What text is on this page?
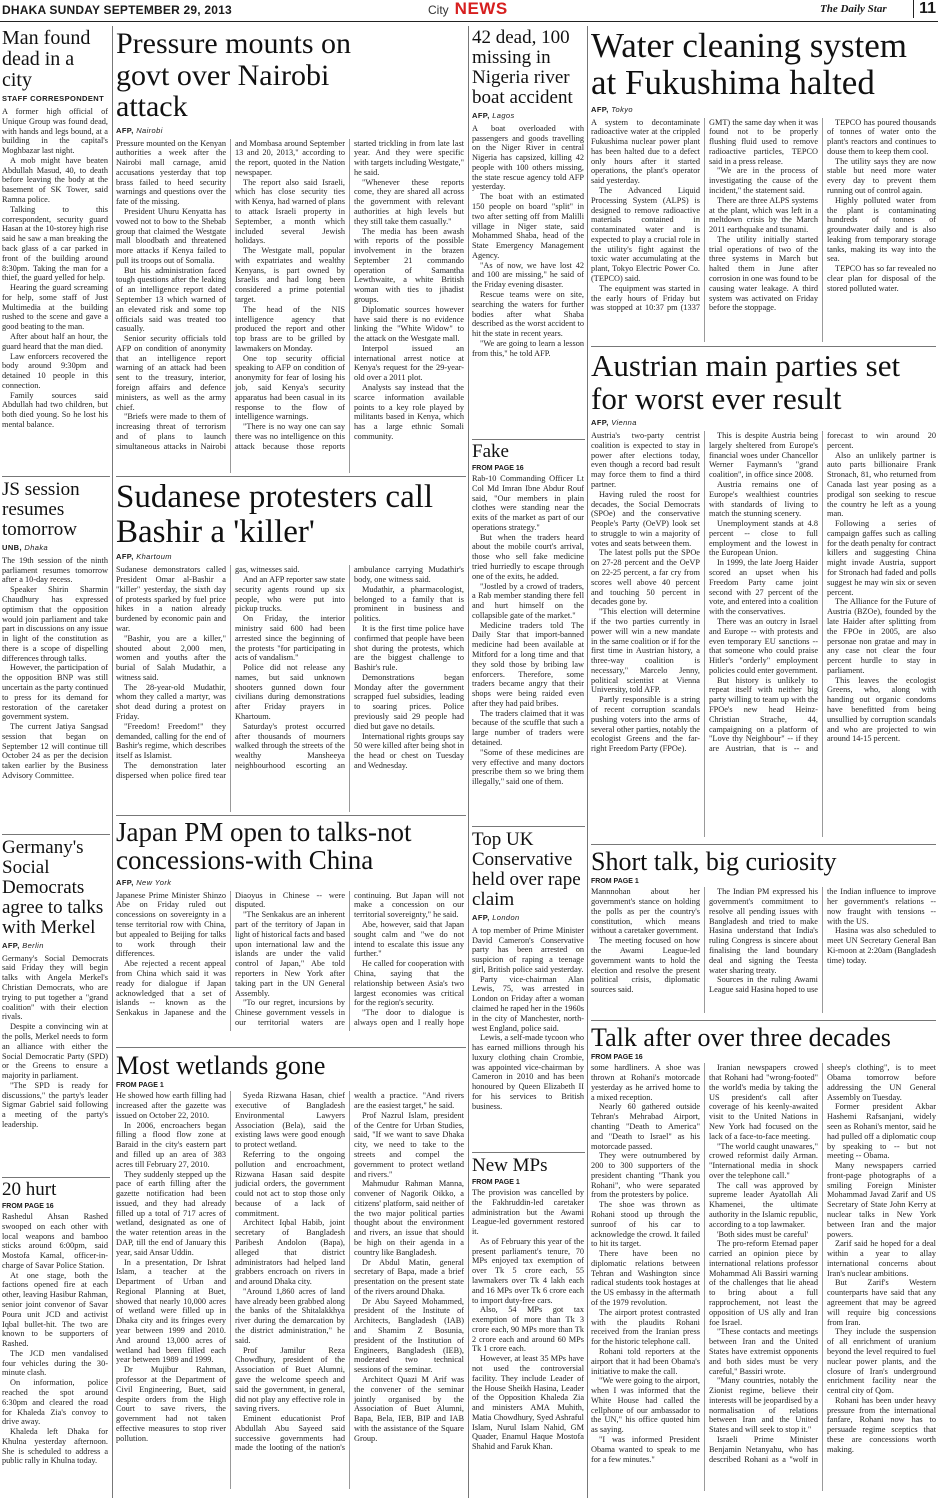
DHAKA SUNDAY SEPTEMBER 29, 2013	City NEWS	The Daily Star	11
Man found dead in a city
STAFF CORRESPONDENT

A former high official of Unique Group was found dead, with hands and legs bound, at a building in the capital's Moghbazar last night.

A mob might have beaten Abdullah Masud, 40, to death before leaving the body at the basement of SK Tower, said Ramna police.

Talking to this correspondent, security guard Hasan at the 10-storey high rise said he saw a man breaking the back glass of a car parked in front of the building around 8:30pm. Taking the man for a thief, the guard yelled for help.

Hearing the guard screaming for help, some staff of Just Multimedia at the building rushed to the scene and gave a good beating to the man.

After about half an hour, the guard heard that the man died.

Law enforcers recovered the body around 9:30pm and detained 10 people in this connection.

Family sources said Abdullah had two children, but both died young. So he lost his mental balance.

JS session resumes tomorrow
UNB, Dhaka

The 19th session of the ninth parliament resumes tomorrow after a 10-day recess.

Speaker Shirin Sharmin Chaudhury has expressed optimism that the opposition would join parliament and take part in discussions on any issue in light of the constitution as there is a scope of dispelling differences through talks.

However, the participation of the opposition BNP was still uncertain as the party continued to press for its demand for restoration of the caretaker government system.

The current Jatiya Sangsad session that began on September 12 will continue till October 24 as per the decision taken earlier by the Business Advisory Committee.

Germany's Social Democrats agree to talks with Merkel
AFP, Berlin

Germany's Social Democrats said Friday they will begin talks with Angela Merkel's Christian Democrats, who are trying to put together a "grand coalition" with their election rivals.

Despite a convincing win at the polls, Merkel needs to form an alliance with either the Social Democratic Party (SPD) or the Greens to ensure a majority in parliament.

"The SPD is ready for discussions," the party's leader Sigmar Gabriel said following a meeting of the party's leadership.

20 hurt
FROM PAGE 16

Rashedul Ahsan Rashed swooped on each other with local weapons and bamboo sticks around 6:00pm, said Mostofa Kamal, officer-in-charge of Savar Police Station.

At one stage, both the factions opened fire at each other, leaving Hasibur Rahman, senior joint convenor of Savar Poura unit JCD and activist Iqbal bullet-hit. The two are known to be supporters of Rashed.

The JCD men vandalised four vehicles during the 30-minute clash.

On information, police reached the spot around 6:30pm and cleared the road for Khaleda Zia's convoy to drive away.

Khaleda left Dhaka for Khulna yesterday afternoon. She is scheduled to address a public rally in Khulna today.

Pressure mounts on govt over Nairobi attack
AFP, Nairobi

Pressure mounted on the Kenyan authorities a week after the Nairobi mall carnage, amid accusations yesterday that top brass failed to heed security warnings and questions over the fate of the missing.

President Uhuru Kenyatta has vowed not to bow to the Shebab group that claimed the Westgate mall bloodbath and threatened more attacks if Kenya failed to pull its troops out of Somalia.

But his administration faced tough questions after the leaking of an intelligence report dated September 13 which warned of an elevated risk and some top officials said was treated too casually.

Senior security officials told AFP on condition of anonymity that an intelligence report warning of an attack had been sent to the treasury, interior, foreign affairs and defence ministers, as well as the army chief.

"Briefs were made to them of increasing threat of terrorism and of plans to launch simultaneous attacks in Nairobi and Mombasa around September 13 and 20, 2013," according to the report, quoted in the Nation newspaper.

The report also said Israeli, which has close security ties with Kenya, had warned of plans to attack Israeli property in September, a month which included several Jewish holidays.

The Westgate mall, popular with expatriates and wealthy Kenyans, is part owned by Israelis and had long been considered a prime potential target.

The head of the NIS intelligence agency that produced the report and other top brass are to be grilled by lawmakers on Monday.

One top security official speaking to AFP on condition of anonymity for fear of losing his job, said Kenya's security apparatus had been casual in its response to the flow of intelligence warnings.

"There is no way one can say there was no intelligence on this attack because those reports started trickling in from late last year. And they were specific with targets including Westgate," he said.

"Whenever these reports come, they are shared all across the government with relevant authorities at high levels but they still take them casually."

The media has been awash with reports of the possible involvement in the brazen September 21 commando operation of Samantha Lewthwaite, a white British woman with ties to jihadist groups.

Diplomatic sources however have said there is no evidence linking the "White Widow" to the attack on the Westgate mall.

Interpol issued an international arrest notice at Kenya's request for the 29-year-old over a 2011 plot.

Analysts say instead that the scarce information available points to a key role played by militants based in Kenya, which has a large ethnic Somali community.

Sudanese protesters call Bashir a 'killer'
AFP, Khartoum

Sudanese demonstrators called President Omar al-Bashir a "killer" yesterday, the sixth day of protests sparked by fuel price hikes in a nation already burdened by economic pain and war.

"Bashir, you are a killer," shouted about 2,000 men, women and youths after the burial of Salah Mudathir, a witness said.

The 28-year-old Mudathir, whom they called a martyr, was shot dead during a protest on Friday.

"Freedom! Freedom!" they demanded, calling for the end of Bashir's regime, which describes itself as Islamist.

The demonstration later dispersed when police fired tear gas, witnesses said.

And an AFP reporter saw state security agents round up six people, who were put into pickup trucks.

On Friday, the interior ministry said 600 had been arrested since the beginning of the protests "for participating in acts of vandalism."

Police did not release any names, but said unknown shooters gunned down four civilians during demonstrations after Friday prayers in Khartoum.

Saturday's protest occurred after thousands of mourners walked through the streets of the wealthy Mansheeya neighbourhood escorting an ambulance carrying Mudathir's body, one witness said.

Mudathir, a pharmacologist, belonged to a family that is prominent in business and politics.

It is the first time police have confirmed that people have been shot during the protests, which are the biggest challenge to Bashir's rule.

Demonstrations began Monday after the government scrapped fuel subsidies, leading to soaring prices. Police previously said 29 people had died but gave no details.

International rights groups say 50 were killed after being shot in the head or chest on Tuesday and Wednesday.

Japan PM open to talks-not concessions-with China
AFP, New York

Japanese Prime Minister Shinzo Abe on Friday ruled out concessions on sovereignty in a tense territorial row with China, but appealed to Beijing for talks to work through their differences.

Abe rejected a recent appeal from China which said it was ready for dialogue if Japan acknowledged that a set of islands -- known as the Senkakus in Japanese and the Diaoyus in Chinese -- were disputed.

"The Senkakus are an inherent part of the territory of Japan in light of historical facts and based upon international law and the islands are under the valid control of Japan," Abe told reporters in New York after taking part in the UN General Assembly.

"To our regret, incursions by Chinese government vessels in our territorial waters are continuing. But Japan will not make a concession on our territorial sovereignty," he said.

Abe, however, said that Japan sought calm and "we do not intend to escalate this issue any further."

He called for cooperation with China, saying that the relationship between Asia's two largest economies was critical for the region's security.

"The door to dialogue is always open and I really hope

Most wetlands gone
FROM PAGE 1

He showed how earth filling had increased after the gazette was issued on October 22, 2010.

In 2006, encroachers began filling a flood flow zone at Baraid in the city's eastern part and filled up an area of 383 acres till February 27, 2010.

They suddenly stepped up the pace of earth filling after the gazette notification had been issued, and they had already filled up a total of 717 acres of wetland, designated as one of the water retention areas in the DAP, till the end of January this year, said Ansar Uddin.

In a presentation, Dr Ishrat Islam, a teacher at the Department of Urban and Regional Planning at Buet, showed that nearly 10,000 acres of wetland were filled up in Dhaka city and its fringes every year between 1999 and 2010. And around 13,000 acres of wetland had been filled each year between 1989 and 1999.

Dr Mujibur Rahman, professor at the Department of Civil Engineering, Buet, said despite orders from the High Court to save rivers, the government had not taken effective measures to stop river pollution.

Syeda Rizwana Hasan, chief executive of Bangladesh Environmental Lawyers Association (Bela), said the existing laws were good enough to protect wetland.

Referring to the ongoing pollution and encroachment, Rizwana Hasan said despite judicial orders, the government could not act to stop those only because of a lack of commitment.

Architect Iqbal Habib, joint secretary of Bangladesh Paribesh Andolon (Bapa), alleged that district administrators had helped land grabbers encroach on rivers in and around Dhaka city.

"Around 1,860 acres of land have already been grabbed along the banks of the Shitalakkhya river during the demarcation by the district administration," he said.

Prof Jamilur Reza Chowdhury, president of the Association of Buet Alumni, gave the welcome speech and said the government, in general, did not play any effective role in saving rivers.

Eminent educationist Prof Abdullah Abu Sayeed said successive governments had made the looting of the nation's wealth a practice. "And rivers are the easiest target," he said.

Prof Nazrul Islam, president of the Centre for Urban Studies, said, "If we want to save Dhaka city, we need to take to the streets and compel the government to protect wetland and rivers."

Mahmudur Rahman Manna, convener of Nagorik Oikko, a citizens' platform, said neither of the two major political parties thought about the environment and rivers, an issue that should be high on their agenda in a country like Bangladesh.

Dr Abdul Matin, general secretary of Bapa, made a brief presentation on the present state of the rivers around Dhaka.

Dr Abu Sayeed Mohammed, president of the Institute of Architects, Bangladesh (IAB) and Shamim Z Bosunia, president of the Institution of Engineers, Bangladesh (IEB), moderated two technical sessions of the seminar.

Architect Quazi M Arif was the convener of the seminar jointly organised by the Association of Buet Alumni, Bapa, Bela, IEB, BIP and IAB with the assistance of the Square Group.

42 dead, 100 missing in Nigeria river boat accident
AFP, Lagos

A boat overloaded with passengers and goods travelling on the Niger River in central Nigeria has capsized, killing 42 people with 100 others missing, the state rescue agency told AFP yesterday.

The boat with an estimated 150 people on board "split" in two after setting off from Malilli village in Niger state, said Mohammed Shaba, head of the State Emergency Management Agency.

"As of now, we have lost 42 and 100 are missing," he said of the Friday evening disaster.

Rescue teams were on site, searching the waters for further bodies after what Shaba described as the worst accident to hit the state in recent years.

"We are going to learn a lesson from this," he told AFP.

Fake
FROM PAGE 16

Rab-10 Commanding Officer Lt Col Md Imran Ibne Abdur Rouf said, "Our members in plain clothes were standing near the exits of the market as part of our operations strategy."

But when the traders heard about the mobile court's arrival, those who sell fake medicine tried hurriedly to escape through one of the exits, he added.

"Jostled by a crowd of traders, a Rab member standing there fell and hurt himself on the collapsible gate of the market."

Medicine traders told The Daily Star that import-banned medicine had been available at Mitford for a long time and that they sold those by bribing law enforcers. Therefore, some traders became angry that their shops were being raided even after they had paid bribes.

The traders claimed that it was because of the scuffle that such a large number of traders were detained.

"Some of these medicines are very effective and many doctors prescribe them so we bring them illegally," said one of them.

Top UK Conservative held over rape claim
AFP, London

A top member of Prime Minister David Cameron's Conservative party has been arrested on suspicion of raping a teenage girl, British police said yesterday.

Party vice-chairman Alan Lewis, 75, was arrested in London on Friday after a woman claimed he raped her in the 1960s in the city of Manchester, north-west England, police said.

Lewis, a self-made tycoon who has earned millions through his luxury clothing chain Crombie, was appointed vice-chairman by Cameron in 2010 and has been honoured by Queen Elizabeth II for his services to British business.

New MPs
FROM PAGE 1

The provision was cancelled by the Fakhruddin-led caretaker administration but the Awami League-led government restored it.

As of February this year of the present parliament's tenure, 70 MPs enjoyed tax exemption of over Tk 5 crore each, 55 lawmakers over Tk 4 lakh each and 16 MPs over Tk 6 crore each to import duty-free cars.

Also, 54 MPs got tax exemption of more than Tk 3 crore each, 90 MPs more than Tk 2 crore each and around 60 MPs Tk 1 crore each.

However, at least 35 MPs have not used the controversial facility. They include Leader of the House Sheikh Hasina, Leader of the Opposition Khaleda Zia and ministers AMA Muhith, Matia Chowdhury, Syed Ashraful Islam, Nurul Islam Nahid, GM Quader, Enamul Haque Mostofa Shahid and Faruk Khan.

Water cleaning system at Fukushima halted
AFP, Tokyo

A system to decontaminate radioactive water at the crippled Fukushima nuclear power plant has been halted due to a defect only hours after it started operations, the plant's operator said yesterday.

The Advanced Liquid Processing System (ALPS) is designed to remove radioactive materials contained in contaminated water and is expected to play a crucial role in the utility's fight against the toxic water accumulating at the plant, Tokyo Electric Power Co. (TEPCO) said.

The equipment was started in the early hours of Friday but was stopped at 10:37 pm (1337 GMT) the same day when it was found not to be properly flushing fluid used to remove radioactive particles, TEPCO said in a press release.

"We are in the process of investigating the cause of the incident," the statement said.

There are three ALPS systems at the plant, which was left in a meltdown crisis by the March 2011 earthquake and tsunami.

The utility initially started trial operations of two of the three systems in March but halted them in June after corrosion in one was found to be causing water leakage. A third system was activated on Friday before the stoppage.

TEPCO has poured thousands of tonnes of water onto the plant's reactors and continues to douse them to keep them cool.

The utility says they are now stable but need more water every day to prevent them running out of control again.

Highly polluted water from the plant is contaminating hundreds of tonnes of groundwater daily and is also leaking from temporary storage tanks, making its way into the sea.

TEPCO has so far revealed no clear plan for disposal of the stored polluted water.

Austrian main parties set for worst ever result
AFP, Vienna

Austria's two-party centrist coalition is expected to stay in power after elections today, even though a record bad result may force them to find a third partner.

Having ruled the roost for decades, the Social Democrats (SPOe) and the conservative People's Party (OeVP) look set to struggle to win a majority of votes and seats between them.

The latest polls put the SPOe on 27-28 percent and the OeVP on 22-25 percent, a far cry from scores well above 40 percent and touching 50 percent in decades gone by.

"This election will determine if the two parties currently in power will win a new mandate in the same coalition or if for the first time in Austrian history, a three-way coalition is necessary," Marcelo Jenny, political scientist at Vienna University, told AFP.

Partly responsible is a string of recent corruption scandals pushing voters into the arms of several other parties, notably the ecologist Greens and the far-right Freedom Party (FPOe).

This is despite Austria being largely sheltered from Europe's financial woes under Chancellor Werner Faymann's "grand coalition", in office since 2008.

Austria remains one of Europe's wealthiest countries with standards of living to match the stunning scenery.

Unemployment stands at 4.8 percent -- close to full employment and the lowest in the European Union.

In 1999, the late Joerg Haider scored an upset when his Freedom Party came joint second with 27 percent of the vote, and entered into a coalition with the conservatives.

There was an outcry in Israel and Europe -- with protests and even temporary EU sanctions -- that someone who could praise Hitler's "orderly" employment policies could enter government.

But history is unlikely to repeat itself with neither big party willing to team up with the FPOe's new head Heinz-Christian Strache, 44, campaigning on a platform of "Love thy Neighbour" -- if they are Austrian, that is -- and forecast to win around 20 percent.

Also an unlikely partner is auto parts billionaire Frank Stronach, 81, who returned from Canada last year posing as a prodigal son seeking to rescue the country he left as a young man.

Following a series of campaign gaffes such as calling for the death penalty for contract killers and suggesting China might invade Austria, support for Stronach had faded and polls suggest he may win six or seven percent.

The Alliance for the Future of Austria (BZOe), founded by the late Haider after splitting from the FPOe in 2005, are also personae non gratae and may in any case not clear the four percent hurdle to stay in parliament.

This leaves the ecologist Greens, who, along with handing out organic condoms have benefitted from being unsullied by corruption scandals and who are projected to win around 14-15 percent.

Short talk, big curiosity
FROM PAGE 1

Mannnohan about her government's stance on holding the polls as per the country's constitution, which means without a caretaker government.

The meeting focused on how the Awami League-led government wants to hold the election and resolve the present political crisis, diplomatic sources said.

The Indian PM expressed his government's commitment to resolve all pending issues with Bangladesh and tried to make Hasina understand that India's ruling Congress is sincere about finalising the land boundary deal and signing the Teesta water sharing treaty.

Sources in the ruling Awami League said Hasina hoped to use the Indian influence to improve her government's relations -- now fraught with tensions -- with the US.

Hasina was also scheduled to meet UN Secretary General Ban Ki-moon at 2:20am (Bangladesh time) today.

Talk after over three decades
FROM PAGE 16

some hardliners. A shoe was thrown at Rohani's motorcade yesterday as he arrived home to a mixed reception.

Nearly 60 gathered outside Tehran's Mehrabad Airport, chanting "Death to America" and "Death to Israel" as his motorcade passed.

They were outnumbered by 200 to 300 supporters of the president chanting "Thank you Rohani", who were separated from the protesters by police.

The shoe was thrown as Rohani stood up through the sunroof of his car to acknowledge the crowd. It failed to hit its target.

There have been no diplomatic relations between Tehran and Washington since radical students took hostages at the US embassy in the aftermath of the 1979 revolution.

The airport protest contrasted with the plaudits Rohani received from the Iranian press for the historic telephone call.

Rohani told reporters at the airport that it had been Obama's initiative to make the call.

"We were going to the airport, when I was informed that the White House had called the cellphone of our ambassador to the UN," his office quoted him as saying.

"I was informed President Obama wanted to speak to me for a few minutes."

Iranian newspapers crowed that Rohani had "wrong-footed" the world's media by taking the US president's call after coverage of his keenly-awaited visit to the United Nations in New York had focused on the lack of a face-to-face meeting.

"The world caught unawares," crowed reformist daily Arman. "International media in shock over the telephone call."

The call was approved by supreme leader Ayatollah Ali Khamenei, the ultimate authority in the Islamic republic, according to a top lawmaker.

'Both sides must be careful'

The pro-reform Etemad paper carried an opinion piece by international relations professor Mohammad Ali Bassiri warning of the challenges that lie ahead to bring about a full rapprochement, not least the opposition of US ally and Iran foe Israel.

"These contacts and meetings between Iran and the United States have extremist opponents and both sides must be very careful," Bassiri wrote.

"Many countries, notably the Zionist regime, believe their interests will be jeopardised by a normalisation of relations between Iran and the United States and will seek to stop it."

Israeli Prime Minister Benjamin Netanyahu, who has described Rohani as a "wolf in sheep's clothing", is to meet Obama tomorrow before addressing the UN General Assembly on Tuesday.

Former president Akbar Hashemi Rafsanjani, widely seen as Rohani's mentor, said he had pulled off a diplomatic coup by speaking to -- but not meeting -- Obama.

Many newspapers carried front-page photographs of a smiling Foreign Minister Mohammad Javad Zarif and US Secretary of State John Kerry at nuclear talks in New York between Iran and the major powers.

Zarif said he hoped for a deal within a year to allay international concerns about Iran's nuclear ambitions.

But Zarif's Western counterparts have said that any agreement that may be agreed will require big concessions from Iran.

They include the suspension of all enrichment of uranium beyond the level required to fuel nuclear power plants, and the closure of Iran's underground enrichment facility near the central city of Qom.

Rohani has been under heavy pressure from the international fanfare, Rohani now has to persuade regime sceptics that these are concessions worth making.
